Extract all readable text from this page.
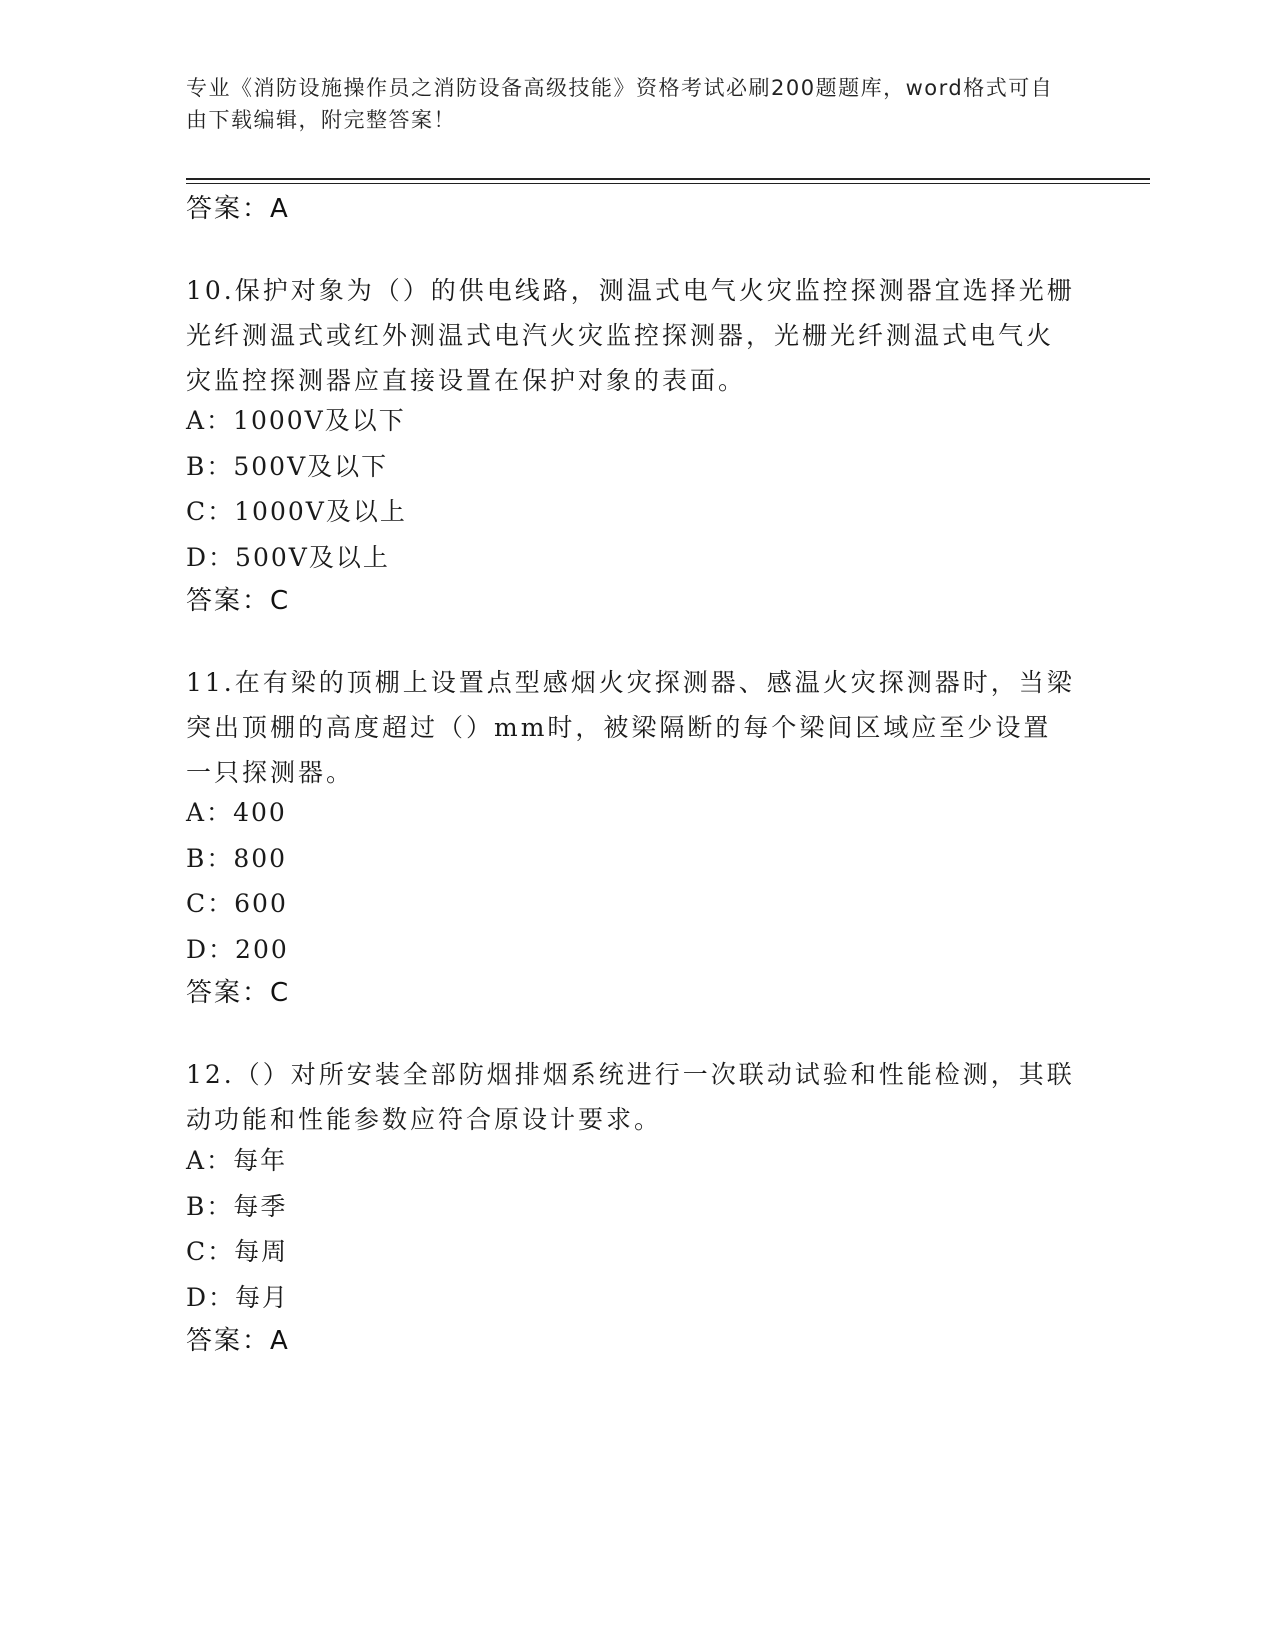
专业《消防设施操作员之消防设备高级技能》资格考试必刷200题题库，word格式可自由下载编辑，附完整答案！
答案：A
10.保护对象为（）的供电线路，测温式电气火灾监控探测器宜选择光栅光纤测温式或红外测温式电汽火灾监控探测器，光栅光纤测温式电气火灾监控探测器应直接设置在保护对象的表面。
A：1000V及以下
B：500V及以下
C：1000V及以上
D：500V及以上
答案：C
11.在有梁的顶棚上设置点型感烟火灾探测器、感温火灾探测器时，当梁突出顶棚的高度超过（）mm时，被梁隔断的每个梁间区域应至少设置一只探测器。
A：400
B：800
C：600
D：200
答案：C
12.（）对所安装全部防烟排烟系统进行一次联动试验和性能检测，其联动功能和性能参数应符合原设计要求。
A：每年
B：每季
C：每周
D：每月
答案：A
